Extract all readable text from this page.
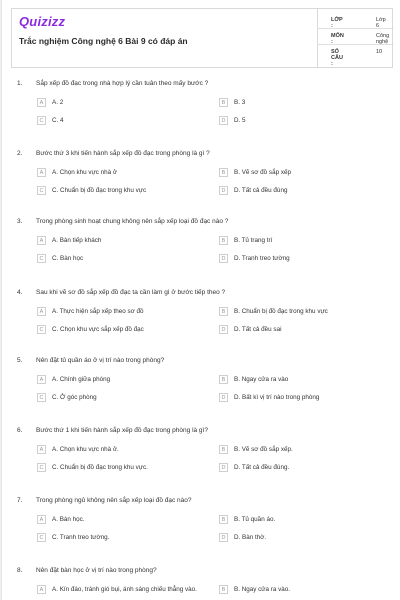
Quizizz
Trắc nghiệm Công nghệ 6 Bài 9 có đáp án
LỚP :
Lớp 6
MÔN :
Công nghệ
SỐ CÂU :
10
1. Sắp xếp đồ đạc trong nhà hợp lý cần tuân theo mấy bước ?
A	A. 2	B	B. 3
C	C. 4	D	D. 5
2. Bước thứ 3 khi tiến hành sắp xếp đồ đạc trong phòng là gì ?
A	A. Chọn khu vực nhà ở	B	B. Vẽ sơ đồ sắp xếp
C	C. Chuẩn bị đồ đạc trong khu vực	D	D. Tất cả đều đúng
3. Trong phòng sinh hoạt chung không nên sắp xếp loại đồ đạc nào ?
A	A. Bàn tiếp khách	B	B. Tủ trang trí
C	C. Bàn học	D	D. Tranh treo tường
4. Sau khi vẽ sơ đồ sắp xếp đồ đạc ta cần làm gì ở bước tiếp theo ?
A	A. Thực hiện sắp xếp theo sơ đồ	B	B. Chuẩn bị đồ đạc trong khu vực
C	C. Chọn khu vực sắp xếp đồ đạc	D	D. Tất cả đều sai
5. Nên đặt tủ quần áo ở vị trí nào trong phòng?
A	A. Chính giữa phòng	B	B. Ngay cửa ra vào
C	C. Ở góc phòng	D	D. Bất kì vị trí nào trong phòng
6. Bước thứ 1 khi tiến hành sắp xếp đồ đạc trong phòng là gì?
A	A. Chọn khu vực nhà ở.	B	B. Vẽ sơ đồ sắp xếp.
C	C. Chuẩn bị đồ đạc trong khu vực.	D	D. Tất cả đều đúng.
7. Trong phòng ngủ không nên sắp xếp loại đồ đạc nào?
A	A. Bàn học.	B	B. Tủ quần áo.
C	C. Tranh treo tường.	D	D. Bàn thờ.
8. Nên đặt bàn học ở vị trí nào trong phòng?
A	A. Kín đáo, tránh gió bụi, ánh sáng chiếu thẳng vào.	B	B. Ngay cửa ra vào.
